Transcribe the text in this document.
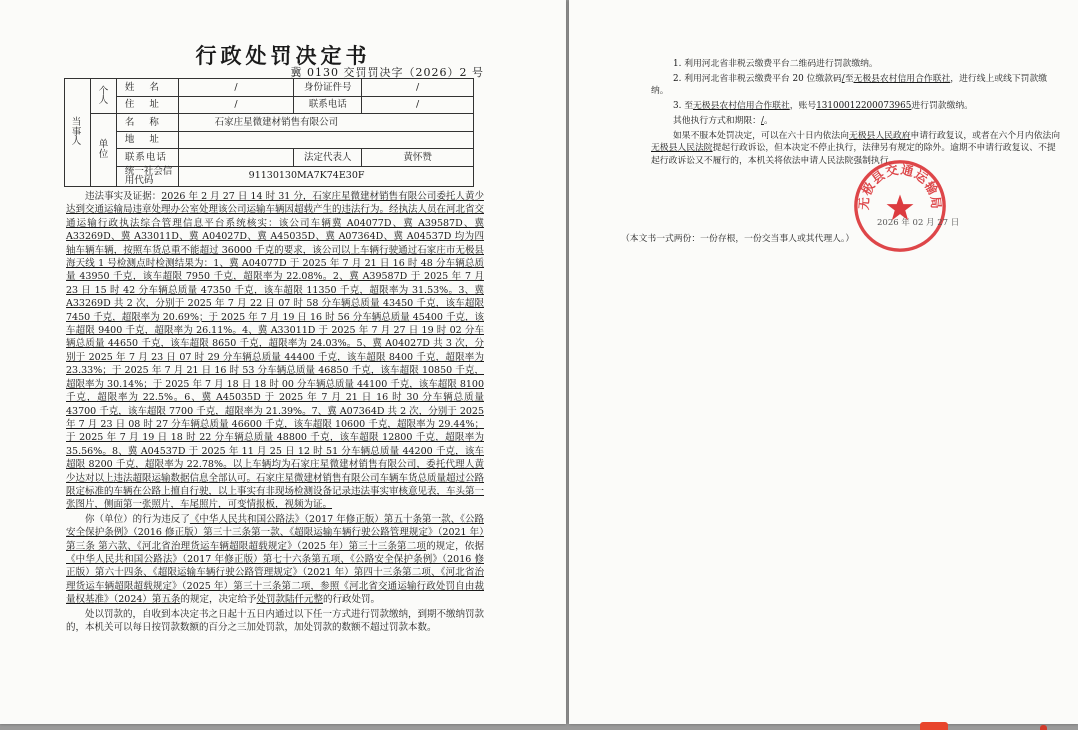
行政处罚决定书
冀 0130 交罚罚决字（2026）2 号
当事人	个人	姓 名	/	身份证件号	/
		住 址	/	联系电话	/
	单位	名 称	石家庄星微建材销售有限公司		
		地 址			

		联系电话		法定代表人	黄怀赞
		统一社会信用代码	91130130MA7K74E30F		

违法事实及证据：2026 年 2 月 27 日 14 时 31 分，石家庄星微建材销售有限公司委托人黄少达到交通运输局违章处理办公室处理该公司运输车辆因超载产生的违法行为。经执法人员在河北省交通运输行政执法综合管理信息平台系统核实：该公司车辆冀 A04077D、冀 A39587D、冀 A33269D、冀 A33011D、冀 A04027D、冀 A45035D、冀 A07364D、冀 A04537D 均为四轴车辆车辆，按照车货总重不能超过 36000 千克的要求，该公司以上车辆行驶通过石家庄市无极县海天线 1 号检测点时检测结果为：1、冀 A04077D 于 2025 年 7 月 21 日 16 时 48 分车辆总质量 43950 千克，该车超限 7950 千克，超限率为 22.08%。2、冀 A39587D 于 2025 年 7 月 23 日 15 时 42 分车辆总质量 47350 千克，该车超限 11350 千克，超限率为 31.53%。3、冀 A33269D 共 2 次，分别于 2025 年 7 月 22 日 07 时 58 分车辆总质量 43450 千克，该车超限 7450 千克，超限率为 20.69%；于 2025 年 7 月 19 日 16 时 56 分车辆总质量 45400 千克，该车超限 9400 千克，超限率为 26.11%。4、冀 A33011D 于 2025 年 7 月 27 日 19 时 02 分车辆总质量 44650 千克，该车超限 8650 千克，超限率为 24.03%。5、冀 A04027D 共 3 次，分别于 2025 年 7 月 23 日 07 时 29 分车辆总质量 44400 千克，该车超限 8400 千克，超限率为 23.33%；于 2025 年 7 月 21 日 16 时 53 分车辆总质量 46850 千克，该车超限 10850 千克，超限率为 30.14%；于 2025 年 7 月 18 日 18 时 00 分车辆总质量 44100 千克，该车超限 8100 千克，超限率为 22.5%。6、冀 A45035D 于 2025 年 7 月 21 日 16 时 30 分车辆总质量 43700 千克，该车超限 7700 千克，超限率为 21.39%。7、冀 A07364D 共 2 次，分别于 2025 年 7 月 23 日 08 时 27 分车辆总质量 46600 千克，该车超限 10600 千克，超限率为 29.44%；于 2025 年 7 月 19 日 18 时 22 分车辆总质量 48800 千克，该车超限 12800 千克，超限率为 35.56%。8、冀 A04537D 于 2025 年 11 月 25 日 12 时 51 分车辆总质量 44200 千克，该车超限 8200 千克，超限率为 22.78%。以上车辆均为石家庄星微建材销售有限公司，委托代理人黄少达对以上违法超限运输数据信息全部认可。石家庄星微建材销售有限公司车辆车货总质量超过公路限定标准的车辆在公路上擅自行驶，以上事实有非现场检测设备记录违法事实审核意见表，车头第一张图片，侧面第一张照片，车尾照片，可变情报板，视频为证。

你（单位）的行为违反了《中华人民共和国公路法》（2017 年修正版）第五十条第一款、《公路安全保护条例》（2016 修正版）第三十三条第一款、《超限运输车辆行驶公路管理规定》（2021 年）第三条 第六款、《河北省治理货运车辆超限超载规定》（2025 年）第三十三条第二项的规定，依据《中华人民共和国公路法》（2017 年修正版）第七十六条第五项、《公路安全保护条例》（2016 修正版）第六十四条、《超限运输车辆行驶公路管理规定》（2021 年）第四十三条第二项、《河北省治理货运车辆超限超载规定》（2025 年）第三十三条第二项，参照《河北省交通运输行政处罚自由裁量权基准》（2024）第五条的规定，决定给予处罚款陆仟元整的行政处罚。

处以罚款的，自收到本决定书之日起十五日内通过以下任一方式进行罚款缴纳，到期不缴纳罚款的，本机关可以每日按罚款数额的百分之三加处罚款，加处罚款的数额不超过罚款本数。

1. 利用河北省非税云缴费平台二维码进行罚款缴纳。

2. 利用河北省非税云缴费平台 20 位缴款码/至无极县农村信用合作联社，进行线上或线下罚款缴纳。

3. 至无极县农村信用合作联社，账号13100012200073965进行罚款缴纳。

其他执行方式和期限：/。

如果不服本处罚决定，可以在六十日内依法向无极县人民政府申请行政复议，或者在六个月内依法向无极县人民法院提起行政诉讼，但本决定不停止执行，法律另有规定的除外。逾期不申请行政复议、不提起行政诉讼又不履行的，本机关将依法申请人民法院强制执行。

无极县交通运输局
2026 年 02 月 27 日
（本文书一式两份：一份存根，一份交当事人或其代理人。）
